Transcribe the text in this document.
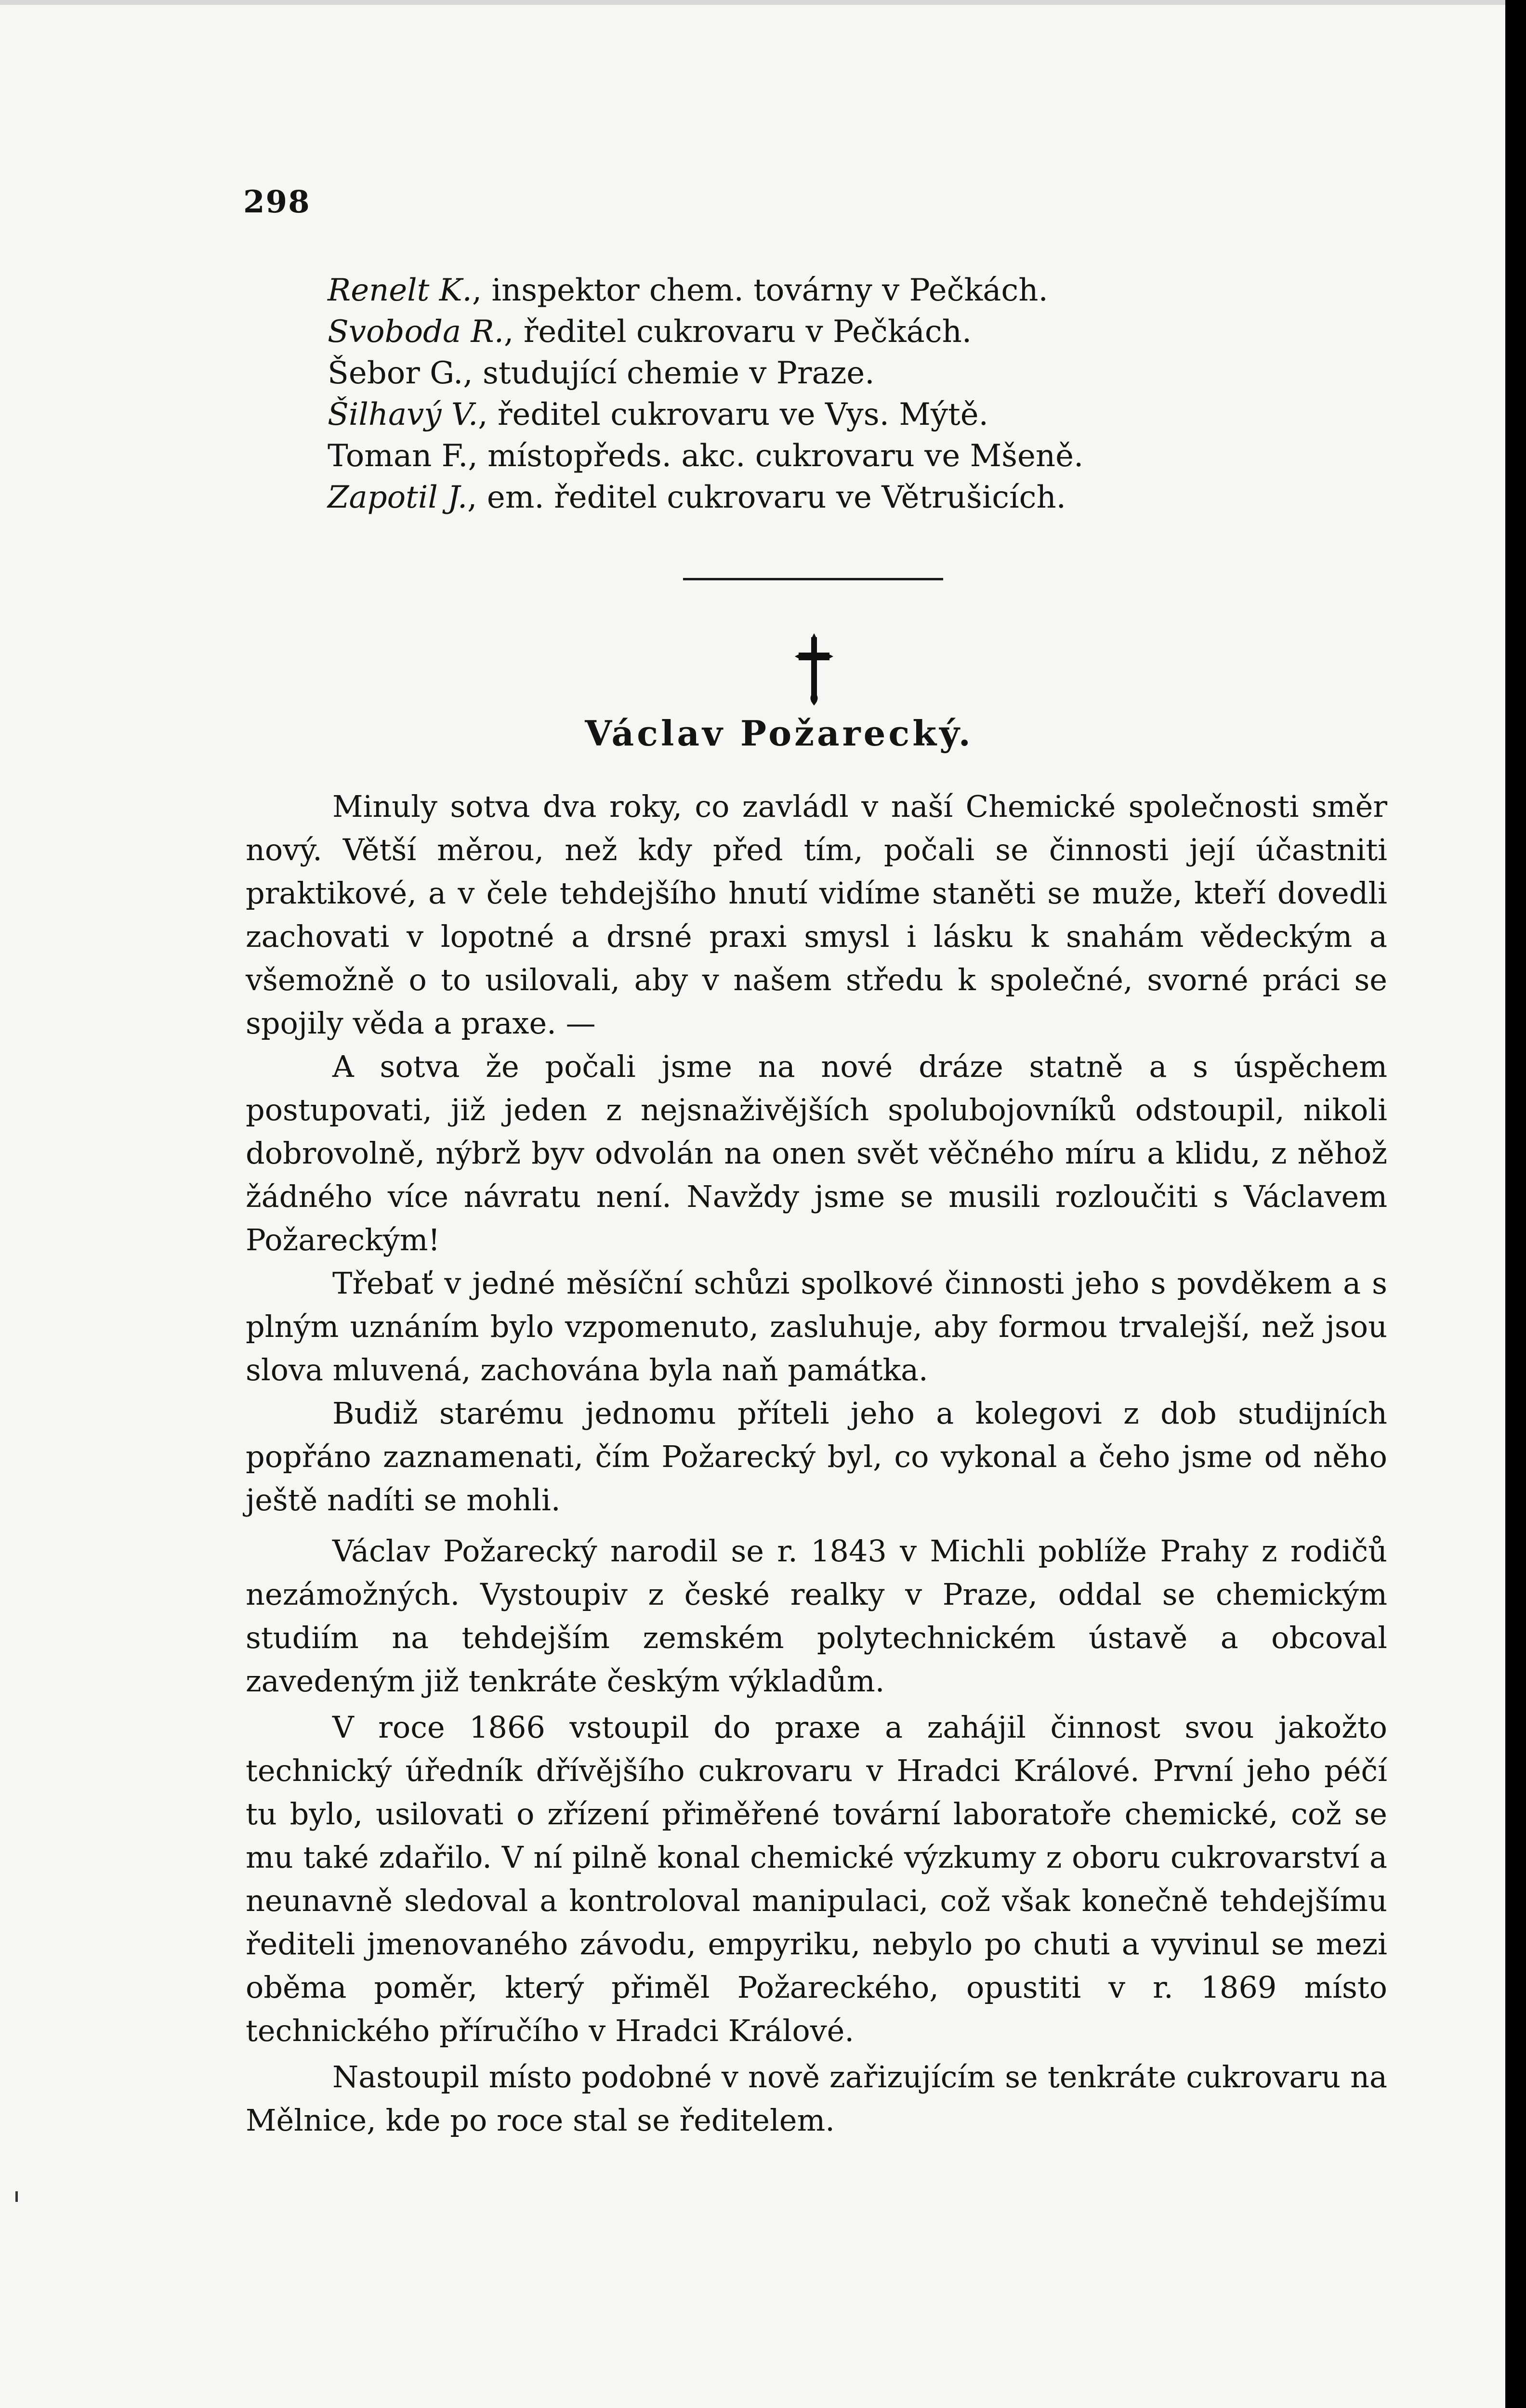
298
Renelt K., inspektor chem. továrny v Pečkách.
Svoboda R., ředitel cukrovaru v Pečkách.
Šebor G., studující chemie v Praze.
Šilhavý V., ředitel cukrovaru ve Vys. Mýtě.
Toman F., místopředs. akc. cukrovaru ve Mšeně.
Zapotil J., em. ředitel cukrovaru ve Větrušicích.
Václav Požarecký.

Minuly sotva dva roky, co zavládl v naší Chemické společnosti směr nový. Větší měrou, než kdy před tím, počali se činnosti její účastniti praktikové, a v čele tehdejšího hnutí vidíme staněti se muže, kteří dovedli zachovati v lopotné a drsné praxi smysl i lásku k snahám vědeckým a všemožně o to usilovali, aby v našem středu k společné, svorné práci se spojily věda a praxe. —

A sotva že počali jsme na nové dráze statně a s úspěchem postupovati, již jeden z nejsnaživějších spolubojovníků odstoupil, nikoli dobrovolně, nýbrž byv odvolán na onen svět věčného míru a klidu, z něhož žádného více návratu není. Navždy jsme se musili rozloučiti s Václavem Požareckým!

Třebať v jedné měsíční schůzi spolkové činnosti jeho s povděkem a s plným uznáním bylo vzpomenuto, zasluhuje, aby formou trvalejší, než jsou slova mluvená, zachována byla naň památka.

Budiž starému jednomu příteli jeho a kolegovi z dob studijních popřáno zaznamenati, čím Požarecký byl, co vykonal a čeho jsme od něho ještě nadíti se mohli.

Václav Požarecký narodil se r. 1843 v Michli poblíže Prahy z rodičů nezámožných. Vystoupiv z české realky v Praze, oddal se chemickým studiím na tehdejším zemském polytechnickém ústavě a obcoval zavedeným již tenkráte českým výkladům.

V roce 1866 vstoupil do praxe a zahájil činnost svou jakožto technický úředník dřívějšího cukrovaru v Hradci Králové. První jeho péčí tu bylo, usilovati o zřízení přiměřené tovární laboratoře chemické, což se mu také zdařilo. V ní pilně konal chemické výzkumy z oboru cukrovarství a neunavně sledoval a kontroloval manipulaci, což však konečně tehdejšímu řediteli jmenovaného závodu, empyriku, nebylo po chuti a vyvinul se mezi oběma poměr, který přiměl Požareckého, opustiti v r. 1869 místo technického příručího v Hradci Králové.

Nastoupil místo podobné v nově zařizujícím se tenkráte cukrovaru na Mělnice, kde po roce stal se ředitelem.
